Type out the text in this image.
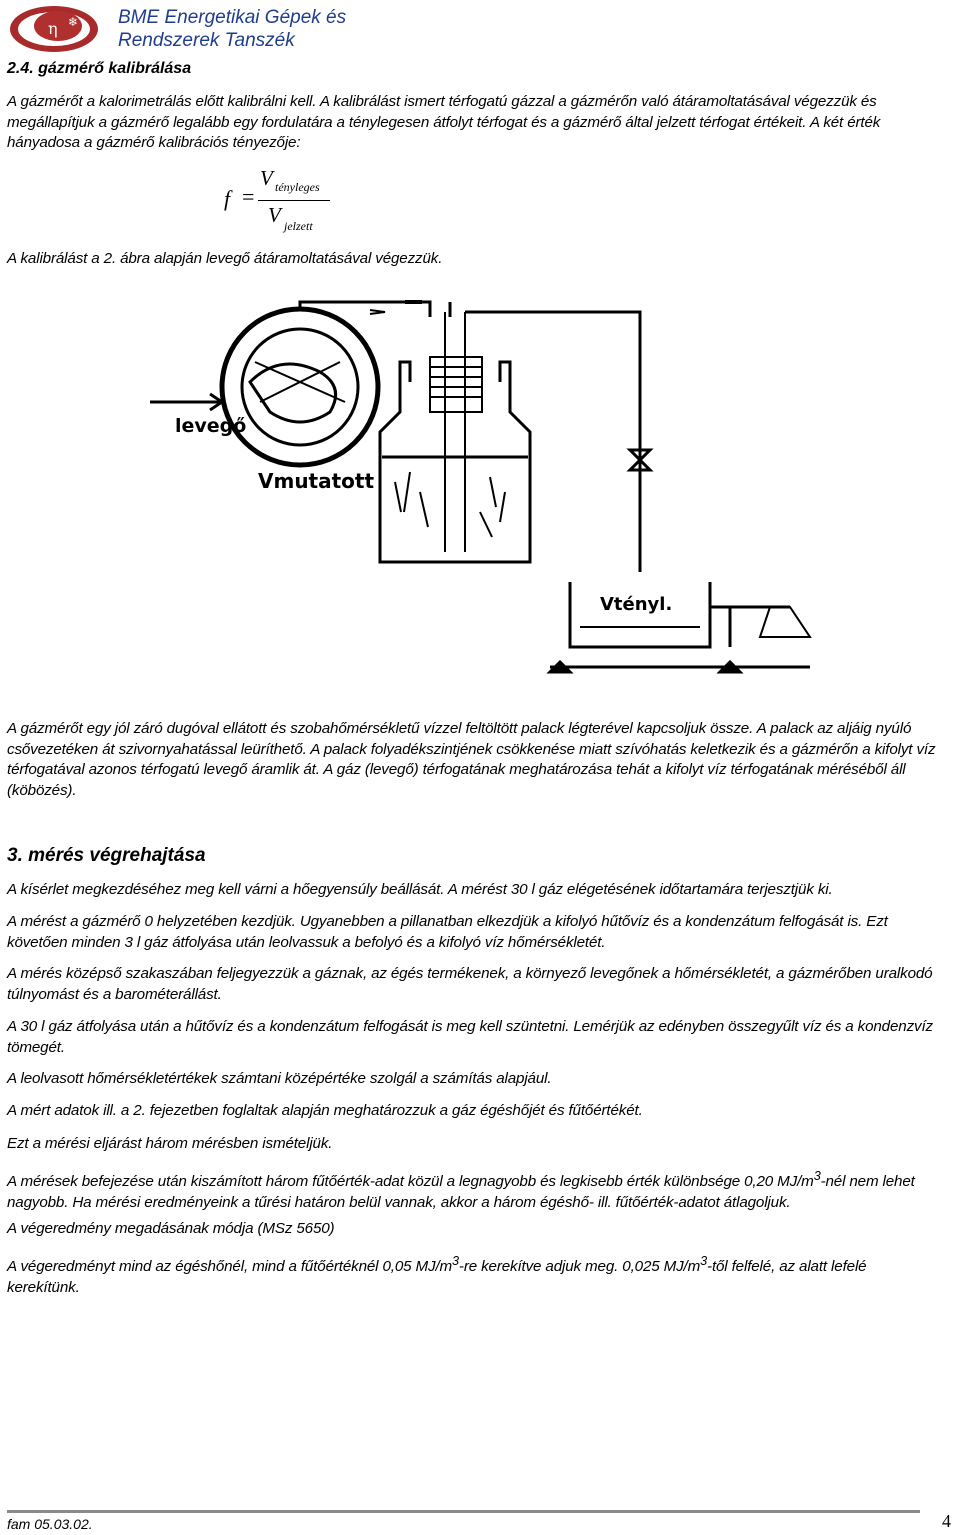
η ❄ BME Energetikai Gépek és
Rendszerek Tanszék
2.4. gázmérő kalibrálása

A gázmérőt a kalorimetrálás előtt kalibrálni kell. A kalibrálást ismert térfogatú gázzal a gázmérőn való átáramoltatásával végezzük és megállapítjuk a gázmérő legalább egy fordulatára a ténylegesen átfolyt térfogat és a gázmérő által jelzett térfogat értékeit. A két érték hányadosa a gázmérő kalibrációs tényezője:

f =
V tényleges
V jelzett

A kalibrálást a 2. ábra alapján levegő átáramoltatásával végezzük.

levegő
Vmutatott
Vtényl.

A gázmérőt egy jól záró dugóval ellátott és szobahőmérsékletű vízzel feltöltött palack légterével kapcsoljuk össze. A palack az aljáig nyúló csővezetéken át szivornyahatással leüríthető. A palack folyadékszintjének csökkenése miatt szívóhatás keletkezik és a gázmérőn a kifolyt víz térfogatával azonos térfogatú levegő áramlik át. A gáz (levegő) térfogatának meghatározása tehát a kifolyt víz térfogatának méréséből áll (köbözés).

3. mérés végrehajtása

A kísérlet megkezdéséhez meg kell várni a hőegyensúly beállását. A mérést 30 l gáz elégetésének időtartamára terjesztjük ki.

A mérést a gázmérő 0 helyzetében kezdjük. Ugyanebben a pillanatban elkezdjük a kifolyó hűtővíz és a kondenzátum felfogását is. Ezt követően minden 3 l gáz átfolyása után leolvassuk a befolyó és a kifolyó víz hőmérsékletét.

A mérés középső szakaszában feljegyezzük a gáznak, az égés termékenek, a környező levegőnek a hőmérsékletét, a gázmérőben uralkodó túlnyomást és a barométerállást.

A 30 l gáz átfolyása után a hűtővíz és a kondenzátum felfogását is meg kell szüntetni. Lemérjük az edényben összegyűlt víz és a kondenzvíz tömegét.

A leolvasott hőmérsékletértékek számtani középértéke szolgál a számítás alapjául.

A mért adatok ill. a 2. fejezetben foglaltak alapján meghatározzuk a gáz égéshőjét és fűtőértékét.

Ezt a mérési eljárást három mérésben ismételjük.

A mérések befejezése után kiszámított három fűtőérték-adat közül a legnagyobb és legkisebb érték különbsége 0,20 $MJ/m^3$-nél nem lehet nagyobb. Ha mérési eredményeink a tűrési határon belül vannak, akkor a három égéshő- ill. fűtőérték-adatot átlagoljuk.

A végeredmény megadásának módja (MSz 5650)

A végeredményt mind az égéshőnél, mind a fűtőértéknél 0,05 $MJ/m^3-re$ kerekítve adjuk meg. 0,025 $MJ/m^3$-től felfelé, az alatt lefelé kerekítünk.

fam 05.03.02.	4
